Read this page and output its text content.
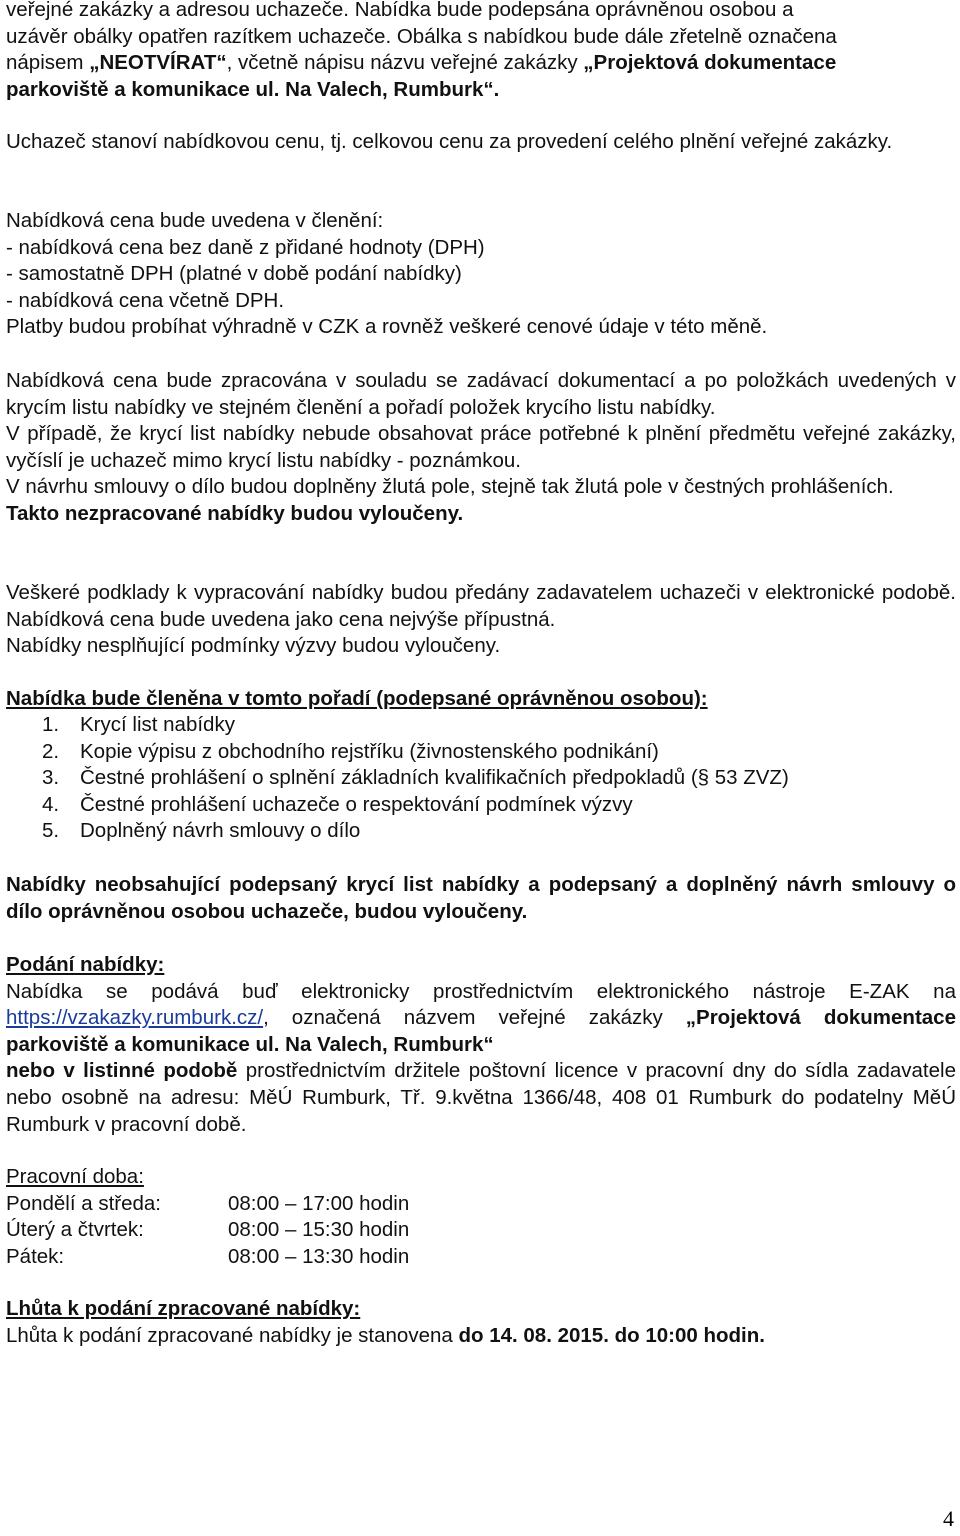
veřejné zakázky a adresou uchazeče. Nabídka bude podepsána oprávněnou osobou a
uzávěr obálky opatřen razítkem uchazeče. Obálka s nabídkou bude dále zřetelně označena
nápisem „NEOTVÍRAT“, včetně nápisu názvu veřejné zakázky „Projektová dokumentace
parkoviště a komunikace ul. Na Valech, Rumburk“.

Uchazeč stanoví nabídkovou cenu, tj. celkovou cenu za provedení celého plnění veřejné zakázky.

Nabídková cena bude uvedena v členění:
- nabídková cena bez daně z přidané hodnoty (DPH)
- samostatně DPH (platné v době podání nabídky)
- nabídková cena včetně DPH.
Platby budou probíhat výhradně v CZK a rovněž veškeré cenové údaje v této měně.
Nabídková cena bude zpracována v souladu se zadávací dokumentací a po položkách uvedených v krycím listu nabídky ve stejném členění a pořadí položek krycího listu nabídky.
V případě, že krycí list nabídky nebude obsahovat práce potřebné k plnění předmětu veřejné zakázky, vyčíslí je uchazeč mimo krycí listu nabídky - poznámkou.
V návrhu smlouvy o dílo budou doplněny žlutá pole, stejně tak žlutá pole v čestných prohlášeních.
Takto nezpracované nabídky budou vyloučeny.
Veškeré podklady k vypracování nabídky budou předány zadavatelem uchazeči v elektronické podobě. Nabídková cena bude uvedena jako cena nejvýše přípustná.
Nabídky nesplňující podmínky výzvy budou vyloučeny.
Nabídka bude členěna v tomto pořadí (podepsané oprávněnou osobou):
1.	Krycí list nabídky
2.	Kopie výpisu z obchodního rejstříku (živnostenského podnikání)
3.	Čestné prohlášení o splnění základních kvalifikačních předpokladů (§ 53 ZVZ)
4.	Čestné prohlášení uchazeče o respektování podmínek výzvy
5.	Doplněný návrh smlouvy o dílo
Nabídky neobsahující podepsaný krycí list nabídky a podepsaný a doplněný návrh smlouvy o dílo oprávněnou osobou uchazeče, budou vyloučeny.
Podání nabídky:
Nabídka se podává buď elektronicky prostřednictvím elektronického nástroje E-ZAK na https://vzakazky.rumburk.cz/, označená názvem veřejné zakázky „Projektová dokumentace parkoviště a komunikace ul. Na Valech, Rumburk“
nebo v listinné podobě prostřednictvím držitele poštovní licence v pracovní dny do sídla zadavatele nebo osobně na adresu: MěÚ Rumburk, Tř. 9.května 1366/48, 408 01 Rumburk do podatelny MěÚ Rumburk v pracovní době.
Pracovní doba:
Pondělí a středa:	08:00 – 17:00 hodin
Úterý a čtvrtek:	08:00 – 15:30 hodin
Pátek:	08:00 – 13:30 hodin
Lhůta k podání zpracované nabídky:
Lhůta k podání zpracované nabídky je stanovena do 14. 08. 2015. do 10:00 hodin.
4
